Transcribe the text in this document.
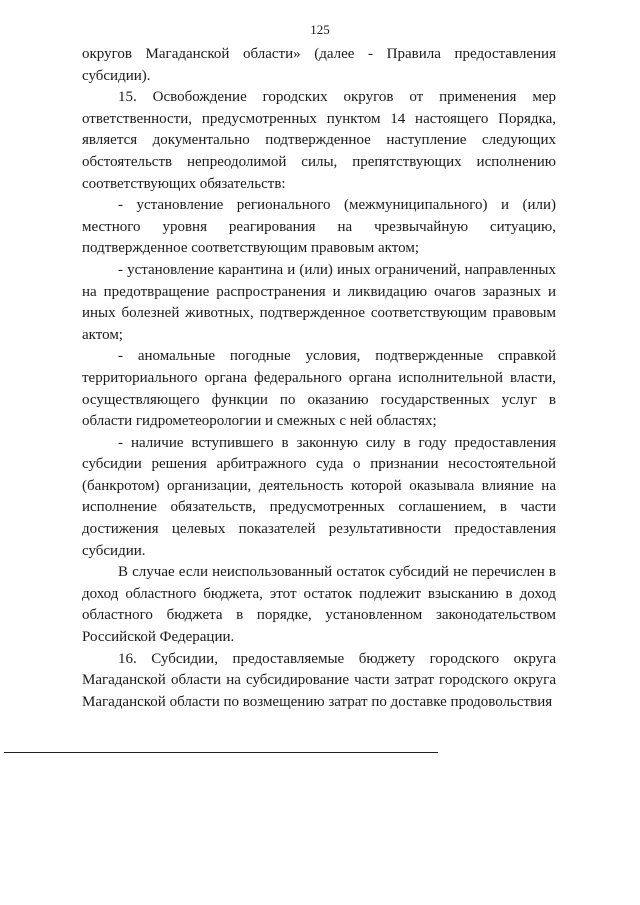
125

округов Магаданской области» (далее - Правила предоставления субсидии).

15. Освобождение городских округов от применения мер ответственности, предусмотренных пунктом 14 настоящего Порядка, является документально подтвержденное наступление следующих обстоятельств непреодолимой силы, препятствующих исполнению соответствующих обязательств:

- установление регионального (межмуниципального) и (или) местного уровня реагирования на чрезвычайную ситуацию, подтвержденное соответствующим правовым актом;

- установление карантина и (или) иных ограничений, направленных на предотвращение распространения и ликвидацию очагов заразных и иных болезней животных, подтвержденное соответствующим правовым актом;

- аномальные погодные условия, подтвержденные справкой территориального органа федерального органа исполнительной власти, осуществляющего функции по оказанию государственных услуг в области гидрометеорологии и смежных с ней областях;

- наличие вступившего в законную силу в году предоставления субсидии решения арбитражного суда о признании несостоятельной (банкротом) организации, деятельность которой оказывала влияние на исполнение обязательств, предусмотренных соглашением, в части достижения целевых показателей результативности предоставления субсидии.

В случае если неиспользованный остаток субсидий не перечислен в доход областного бюджета, этот остаток подлежит взысканию в доход областного бюджета в порядке, установленном законодательством Российской Федерации.

16. Субсидии, предоставляемые бюджету городского округа Магаданской области на субсидирование части затрат городского округа Магаданской области по возмещению затрат по доставке продовольствия
